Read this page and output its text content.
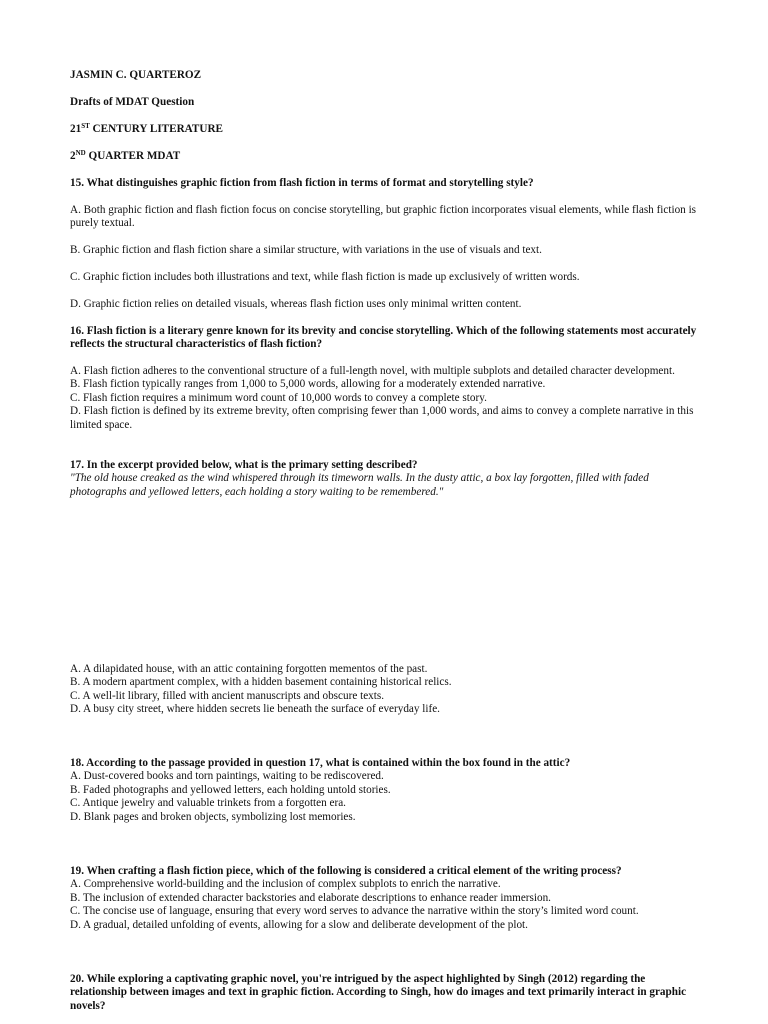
JASMIN C. QUARTEROZ

Drafts of MDAT Question

21ST CENTURY LITERATURE

2ND QUARTER MDAT

15. What distinguishes graphic fiction from flash fiction in terms of format and storytelling style?

A. Both graphic fiction and flash fiction focus on concise storytelling, but graphic fiction incorporates visual elements, while flash fiction is purely textual.

B. Graphic fiction and flash fiction share a similar structure, with variations in the use of visuals and text.

C. Graphic fiction includes both illustrations and text, while flash fiction is made up exclusively of written words.

D. Graphic fiction relies on detailed visuals, whereas flash fiction uses only minimal written content.

16. Flash fiction is a literary genre known for its brevity and concise storytelling. Which of the following statements most accurately reflects the structural characteristics of flash fiction?

A. Flash fiction adheres to the conventional structure of a full-length novel, with multiple subplots and detailed character development.

B. Flash fiction typically ranges from 1,000 to 5,000 words, allowing for a moderately extended narrative.

C. Flash fiction requires a minimum word count of 10,000 words to convey a complete story.

D. Flash fiction is defined by its extreme brevity, often comprising fewer than 1,000 words, and aims to convey a complete narrative in this limited space.

17. In the excerpt provided below, what is the primary setting described?

"The old house creaked as the wind whispered through its timeworn walls. In the dusty attic, a box lay forgotten, filled with faded photographs and yellowed letters, each holding a story waiting to be remembered."

A. A dilapidated house, with an attic containing forgotten mementos of the past.

B. A modern apartment complex, with a hidden basement containing historical relics.

C. A well-lit library, filled with ancient manuscripts and obscure texts.

D. A busy city street, where hidden secrets lie beneath the surface of everyday life.

18. According to the passage provided in question 17, what is contained within the box found in the attic?

A. Dust-covered books and torn paintings, waiting to be rediscovered.

B. Faded photographs and yellowed letters, each holding untold stories.

C. Antique jewelry and valuable trinkets from a forgotten era.

D. Blank pages and broken objects, symbolizing lost memories.

19. When crafting a flash fiction piece, which of the following is considered a critical element of the writing process?

A. Comprehensive world-building and the inclusion of complex subplots to enrich the narrative.

B. The inclusion of extended character backstories and elaborate descriptions to enhance reader immersion.

C. The concise use of language, ensuring that every word serves to advance the narrative within the story’s limited word count.

D. A gradual, detailed unfolding of events, allowing for a slow and deliberate development of the plot.

20. While exploring a captivating graphic novel, you're intrigued by the aspect highlighted by Singh (2012) regarding the relationship between images and text in graphic fiction. According to Singh, how do images and text primarily interact in graphic novels?
